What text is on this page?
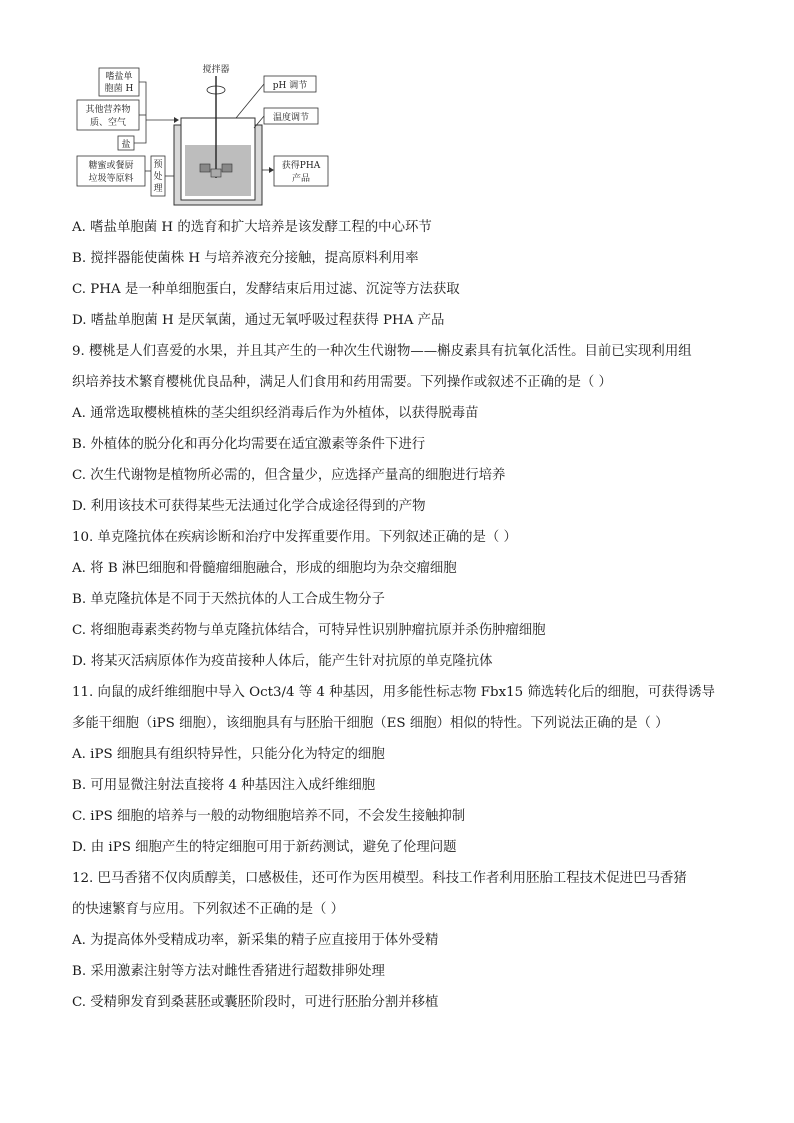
嗜盐单
胞菌 H
其他营养物
质、空气
盐
糖蜜或餐厨
垃圾等原料
预
处
理
搅拌器
pH 调节
温度调节
获得PHA
产品
A. 嗜盐单胞菌 H 的选育和扩大培养是该发酵工程的中心环节
B. 搅拌器能使菌株 H 与培养液充分接触，提高原料利用率
C. PHA 是一种单细胞蛋白，发酵结束后用过滤、沉淀等方法获取
D. 嗜盐单胞菌 H 是厌氧菌，通过无氧呼吸过程获得 PHA 产品
9. 樱桃是人们喜爱的水果，并且其产生的一种次生代谢物——槲皮素具有抗氧化活性。目前已实现利用组
织培养技术繁育樱桃优良品种，满足人们食用和药用需要。下列操作或叙述不正确的是（ ）
A. 通常选取樱桃植株的茎尖组织经消毒后作为外植体，以获得脱毒苗
B. 外植体的脱分化和再分化均需要在适宜激素等条件下进行
C. 次生代谢物是植物所必需的，但含量少，应选择产量高的细胞进行培养
D. 利用该技术可获得某些无法通过化学合成途径得到的产物
10. 单克隆抗体在疾病诊断和治疗中发挥重要作用。下列叙述正确的是（ ）
A. 将 B 淋巴细胞和骨髓瘤细胞融合，形成的细胞均为杂交瘤细胞
B. 单克隆抗体是不同于天然抗体的人工合成生物分子
C. 将细胞毒素类药物与单克隆抗体结合，可特异性识别肿瘤抗原并杀伤肿瘤细胞
D. 将某灭活病原体作为疫苗接种人体后，能产生针对抗原的单克隆抗体
11. 向鼠的成纤维细胞中导入 Oct3/4 等 4 种基因，用多能性标志物 Fbx15 筛选转化后的细胞，可获得诱导
多能干细胞（iPS 细胞），该细胞具有与胚胎干细胞（ES 细胞）相似的特性。下列说法正确的是（ ）
A. iPS 细胞具有组织特异性，只能分化为特定的细胞
B. 可用显微注射法直接将 4 种基因注入成纤维细胞
C. iPS 细胞的培养与一般的动物细胞培养不同，不会发生接触抑制
D. 由 iPS 细胞产生的特定细胞可用于新药测试，避免了伦理问题
12. 巴马香猪不仅肉质醇美，口感极佳，还可作为医用模型。科技工作者利用胚胎工程技术促进巴马香猪
的快速繁育与应用。下列叙述不正确的是（ ）
A. 为提高体外受精成功率，新采集的精子应直接用于体外受精
B. 采用激素注射等方法对雌性香猪进行超数排卵处理
C. 受精卵发育到桑葚胚或囊胚阶段时，可进行胚胎分割并移植
